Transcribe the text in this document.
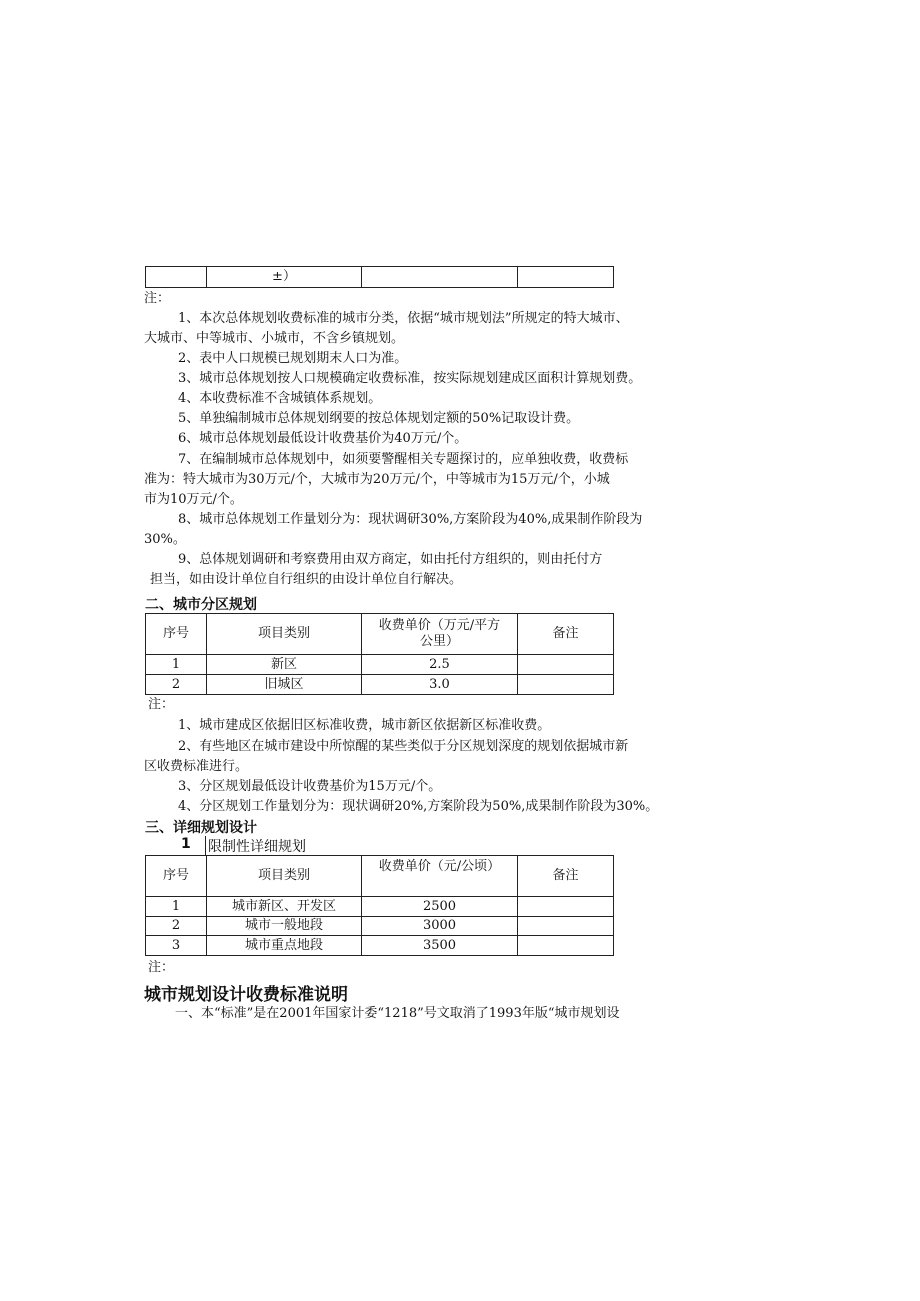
	±）		
注：
1、本次总体规划收费标准的城市分类，依据“城市规划法”所规定的特大城市、
大城市、中等城市、小城市，不含乡镇规划。
2、表中人口规模已规划期末人口为准。
3、城市总体规划按人口规模确定收费标准，按实际规划建成区面积计算规划费。
4、本收费标准不含城镇体系规划。
5、单独编制城市总体规划纲要的按总体规划定额的50%记取设计费。
6、城市总体规划最低设计收费基价为40万元/个。
7、在编制城市总体规划中，如须要警醒相关专题探讨的，应单独收费，收费标
准为：特大城市为30万元/个，大城市为20万元/个，中等城市为15万元/个，小城
市为10万元/个。
8、城市总体规划工作量划分为：现状调研30%,方案阶段为40%,成果制作阶段为
30%。
9、总体规划调研和考察费用由双方商定，如由托付方组织的，则由托付方
担当，如由设计单位自行组织的由设计单位自行解决。
二、城市分区规划
序号	项目类别	收费单价（万元/平方
公里）	备注
1	新区	2.5	
2	旧城区	3.0	
注：
1、城市建成区依据旧区标准收费，城市新区依据新区标准收费。
2、有些地区在城市建设中所惊醒的某些类似于分区规划深度的规划依据城市新
区收费标准进行。
3、分区规划最低设计收费基价为15万元/个。
4、分区规划工作量划分为：现状调研20%,方案阶段为50%,成果制作阶段为30%。
三、详细规划设计
1 限制性详细规划
序号	项目类别	收费单价（元/公顷）	备注
1	城市新区、开发区	2500	
2	城市一般地段	3000	
3	城市重点地段	3500	
注：
城市规划设计收费标准说明
一、本“标准”是在2001年国家计委“1218”号文取消了1993年版“城市规划设
